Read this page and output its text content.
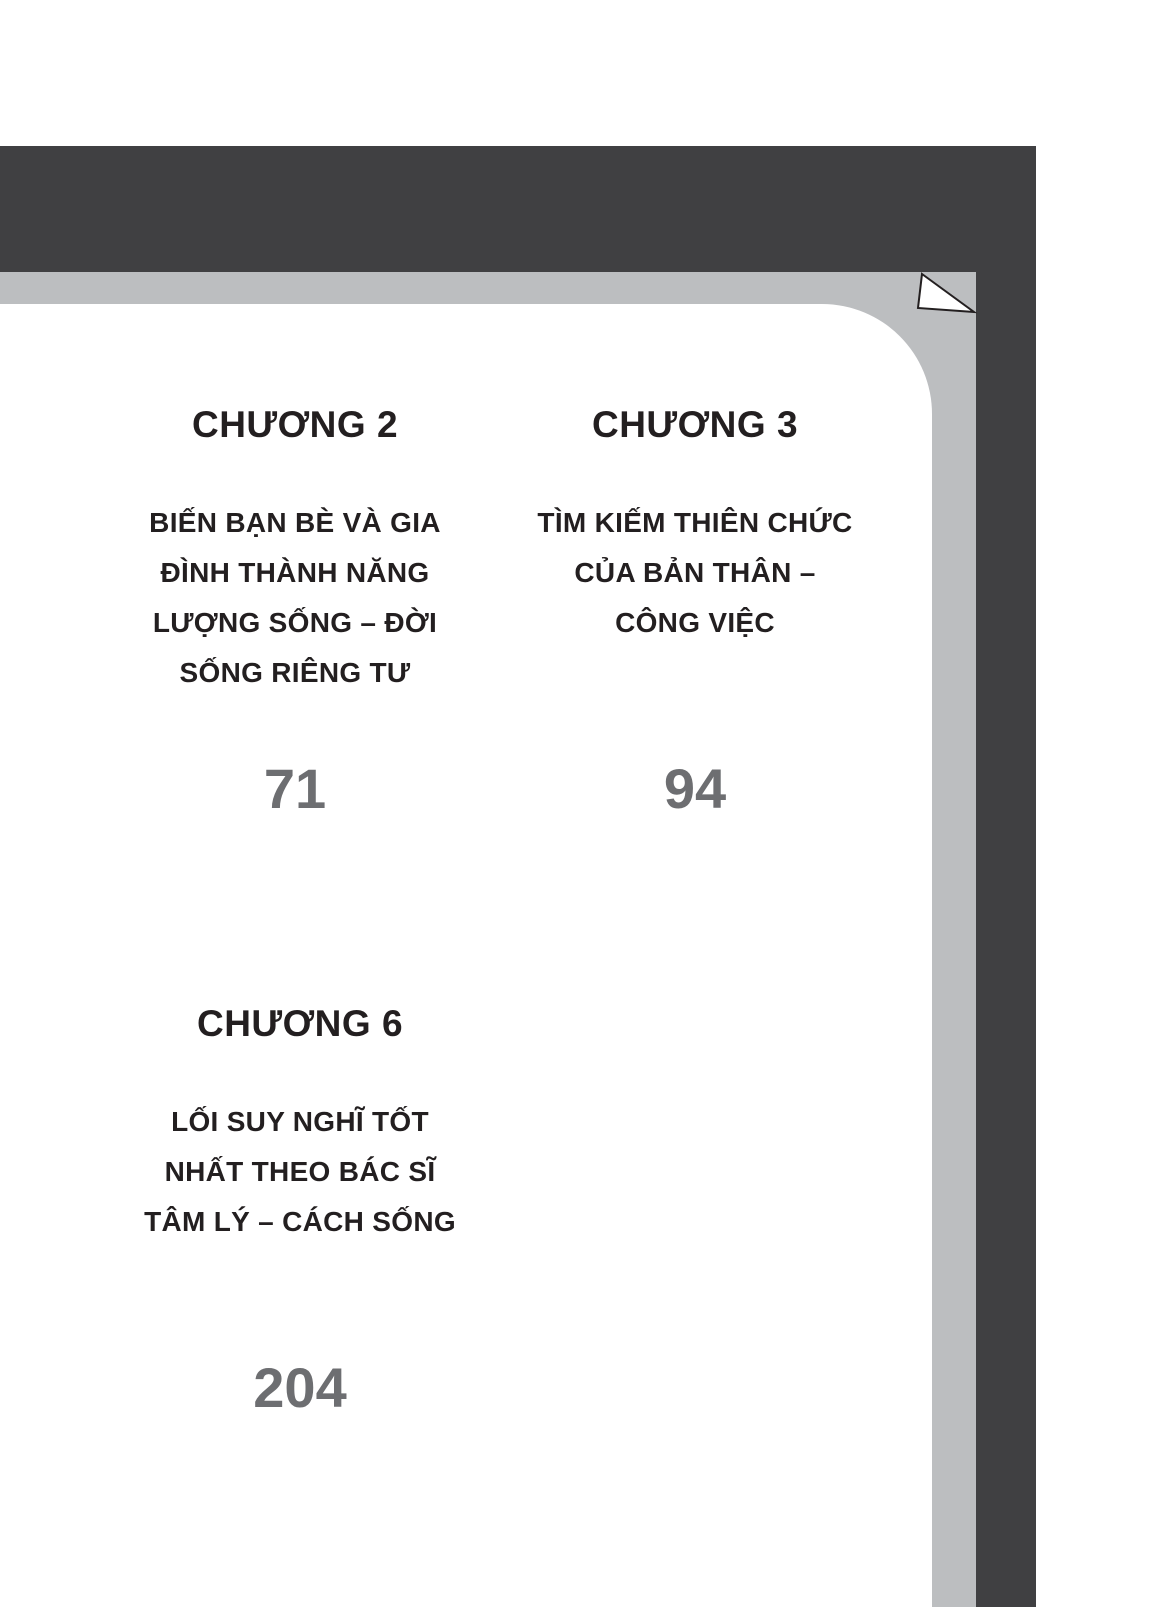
CHƯƠNG 2
BIẾN BẠN BÈ VÀ GIA
ĐÌNH THÀNH NĂNG
LƯỢNG SỐNG – ĐỜI
SỐNG RIÊNG TƯ
71
CHƯƠNG 3
TÌM KIẾM THIÊN CHỨC
CỦA BẢN THÂN –
CÔNG VIỆC
94
CHƯƠNG 6
LỐI SUY NGHĨ TỐT
NHẤT THEO BÁC SĨ
TÂM LÝ – CÁCH SỐNG
204
